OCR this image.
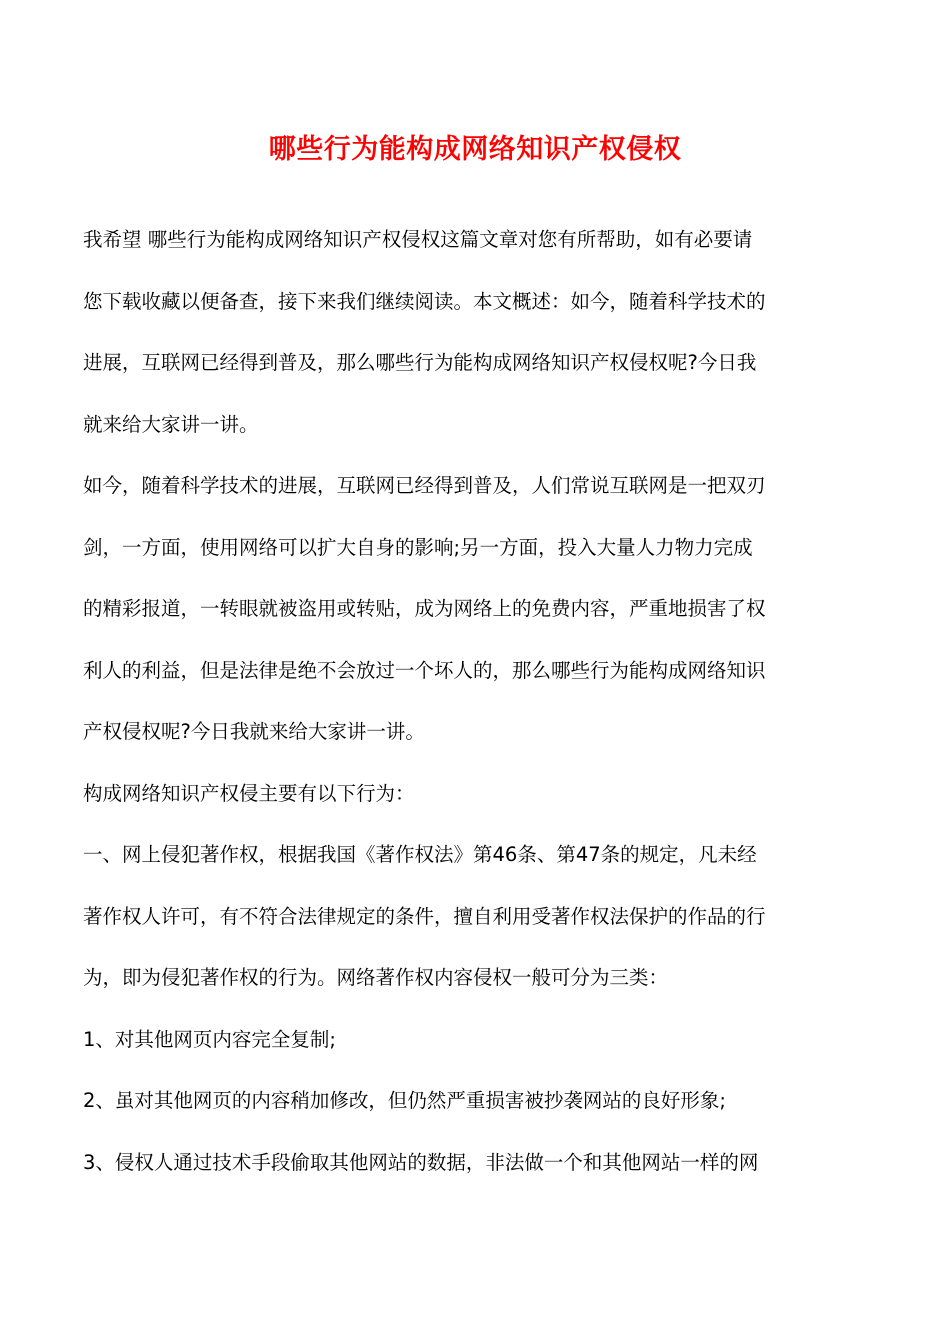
哪些行为能构成网络知识产权侵权
我希望 哪些行为能构成网络知识产权侵权这篇文章对您有所帮助，如有必要请
您下载收藏以便备查，接下来我们继续阅读。本文概述：如今，随着科学技术的
进展，互联网已经得到普及，那么哪些行为能构成网络知识产权侵权呢?今日我
就来给大家讲一讲。
如今，随着科学技术的进展，互联网已经得到普及，人们常说互联网是一把双刃
剑，一方面，使用网络可以扩大自身的影响;另一方面，投入大量人力物力完成
的精彩报道，一转眼就被盗用或转贴，成为网络上的免费内容，严重地损害了权
利人的利益，但是法律是绝不会放过一个坏人的，那么哪些行为能构成网络知识
产权侵权呢?今日我就来给大家讲一讲。
构成网络知识产权侵主要有以下行为：
一、网上侵犯著作权，根据我国《著作权法》第46条、第47条的规定，凡未经
著作权人许可，有不符合法律规定的条件，擅自利用受著作权法保护的作品的行
为，即为侵犯著作权的行为。网络著作权内容侵权一般可分为三类：
1、对其他网页内容完全复制;
2、虽对其他网页的内容稍加修改，但仍然严重损害被抄袭网站的良好形象;
3、侵权人通过技术手段偷取其他网站的数据，非法做一个和其他网站一样的网
